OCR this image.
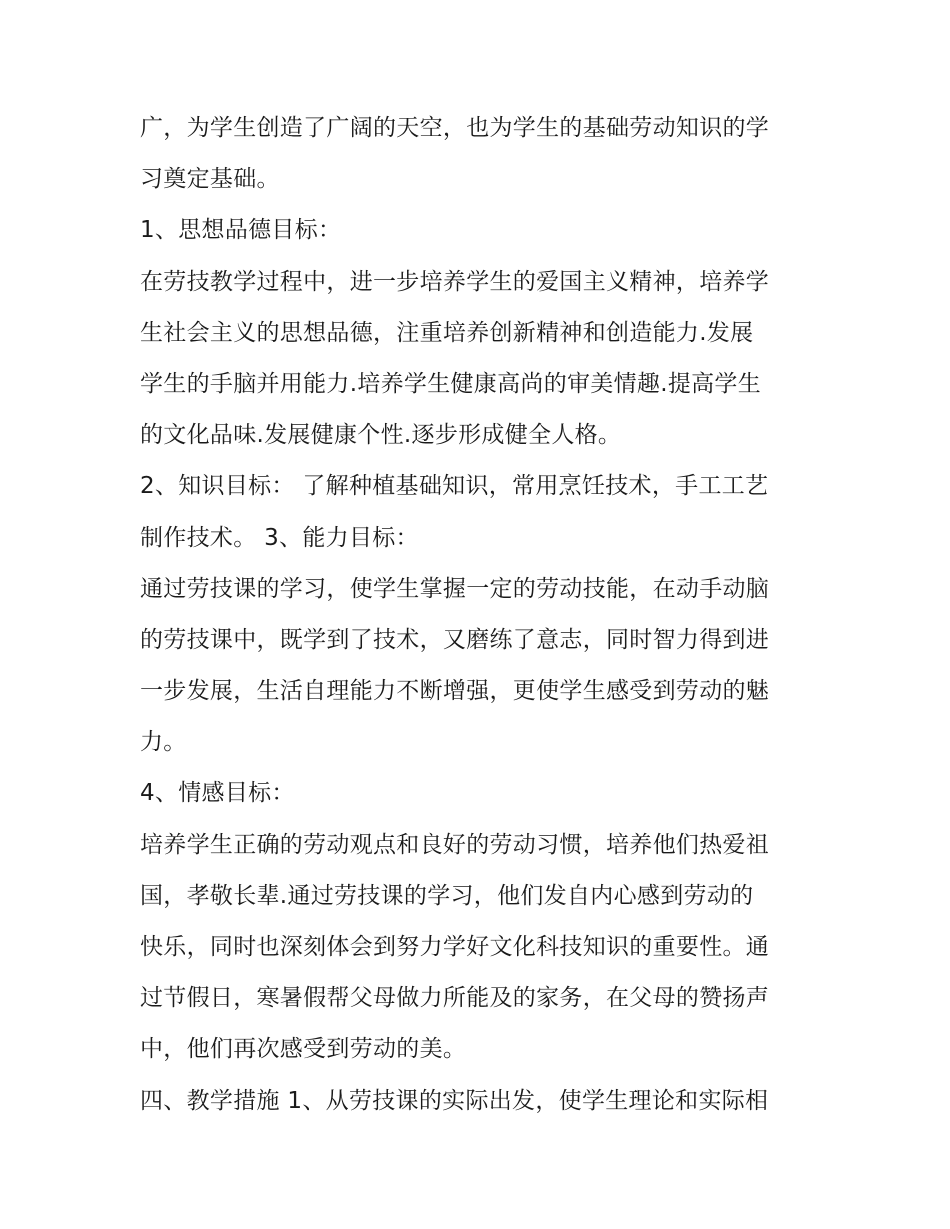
广，为学生创造了广阔的天空，也为学生的基础劳动知识的学
习奠定基础。
1、思想品德目标：
在劳技教学过程中，进一步培养学生的爱国主义精神，培养学
生社会主义的思想品德，注重培养创新精神和创造能力.发展
学生的手脑并用能力.培养学生健康高尚的审美情趣.提高学生
的文化品味.发展健康个性.逐步形成健全人格。
2、知识目标： 了解种植基础知识，常用烹饪技术，手工工艺
制作技术。 3、能力目标：
通过劳技课的学习，使学生掌握一定的劳动技能，在动手动脑
的劳技课中，既学到了技术，又磨练了意志，同时智力得到进
一步发展，生活自理能力不断增强，更使学生感受到劳动的魅
力。
4、情感目标：
培养学生正确的劳动观点和良好的劳动习惯，培养他们热爱祖
国，孝敬长辈.通过劳技课的学习，他们发自内心感到劳动的
快乐，同时也深刻体会到努力学好文化科技知识的重要性。通
过节假日，寒暑假帮父母做力所能及的家务，在父母的赞扬声
中，他们再次感受到劳动的美。
四、教学措施 1、从劳技课的实际出发，使学生理论和实际相
